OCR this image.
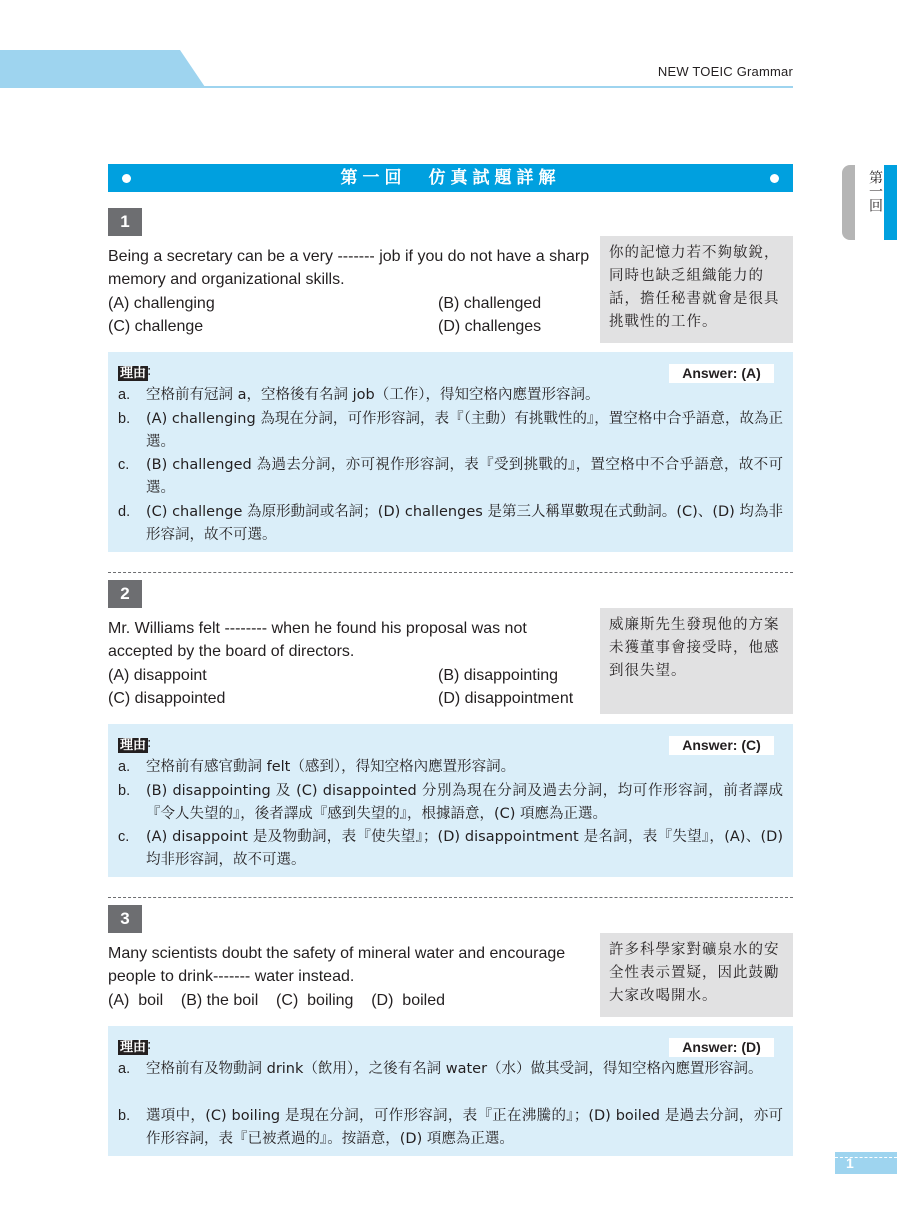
NEW TOEIC Grammar
第一回
第一回　仿真試題詳解
1
Being a secretary can be a very ------- job if you do not have a sharp memory and organizational skills.
(A) challenging	(B) challenged
(C) challenge	(D) challenges
你的記憶力若不夠敏銳，同時也缺乏組織能力的話，擔任秘書就會是很具挑戰性的工作。
理由 :	Answer: (A)
a. 空格前有冠詞 a，空格後有名詞 job（工作），得知空格內應置形容詞。
b. (A) challenging 為現在分詞，可作形容詞，表『（主動）有挑戰性的』，置空格中合乎語意，故為正選。
c. (B) challenged 為過去分詞，亦可視作形容詞，表『受到挑戰的』，置空格中不合乎語意，故不可選。
d. (C) challenge 為原形動詞或名詞；(D) challenges 是第三人稱單數現在式動詞。(C)、(D) 均為非形容詞，故不可選。
2
Mr. Williams felt -------- when he found his proposal was not accepted by the board of directors.
(A) disappoint	(B) disappointing
(C) disappointed	(D) disappointment
威廉斯先生發現他的方案未獲董事會接受時，他感到很失望。
理由 :	Answer: (C)
a. 空格前有感官動詞 felt（感到），得知空格內應置形容詞。
b. (B) disappointing 及 (C) disappointed 分別為現在分詞及過去分詞，均可作形容詞，前者譯成『令人失望的』，後者譯成『感到失望的』，根據語意，(C) 項應為正選。
c. (A) disappoint 是及物動詞，表『使失望』；(D) disappointment 是名詞，表『失望』，(A)、(D) 均非形容詞，故不可選。
3
Many scientists doubt the safety of mineral water and encourage people to drink------- water instead.
(A)  boil    (B) the boil    (C)  boiling    (D)  boiled
許多科學家對礦泉水的安全性表示置疑，因此鼓勵大家改喝開水。
理由 :	Answer: (D)
a. 空格前有及物動詞 drink（飲用），之後有名詞 water（水）做其受詞，得知空格內應置形容詞。
b. 選項中，(C) boiling 是現在分詞，可作形容詞，表『正在沸騰的』；(D) boiled 是過去分詞，亦可作形容詞，表『已被煮過的』。按語意，(D) 項應為正選。
1
